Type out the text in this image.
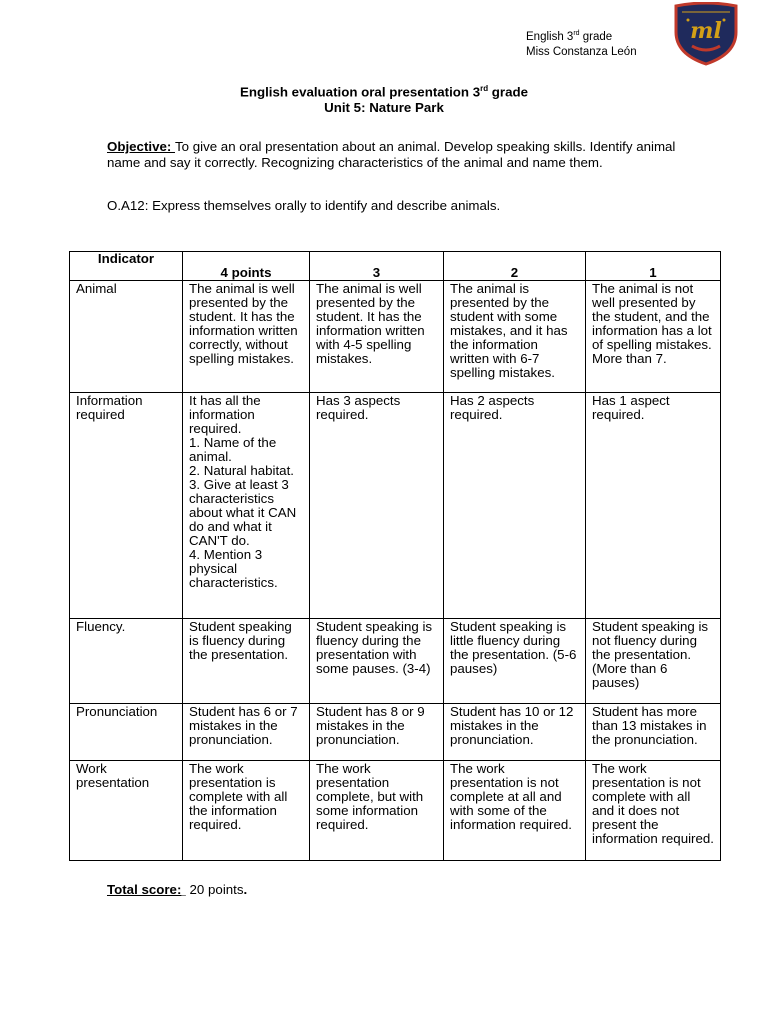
English 3rd grade
Miss Constanza León
ml
English evaluation oral presentation 3rd grade
Unit 5: Nature Park
Objective: To give an oral presentation about an animal. Develop speaking skills. Identify animal name and say it correctly. Recognizing characteristics of the animal and name them.
O.A12: Express themselves orally to identify and describe animals.
Indicator	4 points	3	2	1

Animal	The animal is well presented by the student. It has the information written correctly, without spelling mistakes.	The animal is well presented by the student. It has the information written with 4-5 spelling mistakes.	The animal is presented by the student with some mistakes, and it has the information written with 6-7 spelling mistakes.	The animal is not well presented by the student, and the information has a lot of spelling mistakes. More than 7.
Information required	It has all the information required.
1. Name of the animal.
2. Natural habitat.
3. Give at least 3 characteristics about what it CAN do and what it CAN'T do.
4. Mention 3 physical characteristics.	Has 3 aspects required.	Has 2 aspects required.	Has 1 aspect required.
Fluency.	Student speaking is fluency during the presentation.	Student speaking is fluency during the presentation with some pauses. (3-4)	Student speaking is little fluency during the presentation. (5-6 pauses)	Student speaking is not fluency during the presentation. (More than 6 pauses)
Pronunciation	Student has 6 or 7 mistakes in the pronunciation.	Student has 8 or 9 mistakes in the pronunciation.	Student has 10 or 12 mistakes in the pronunciation.	Student has more than 13 mistakes in the pronunciation.
Work presentation	The work presentation is complete with all the information required.	The work presentation complete, but with some information required.	The work presentation is not complete at all and with some of the information required.	The work presentation is not complete with all and it does not present the information required.
Total score:_ 20 points.
